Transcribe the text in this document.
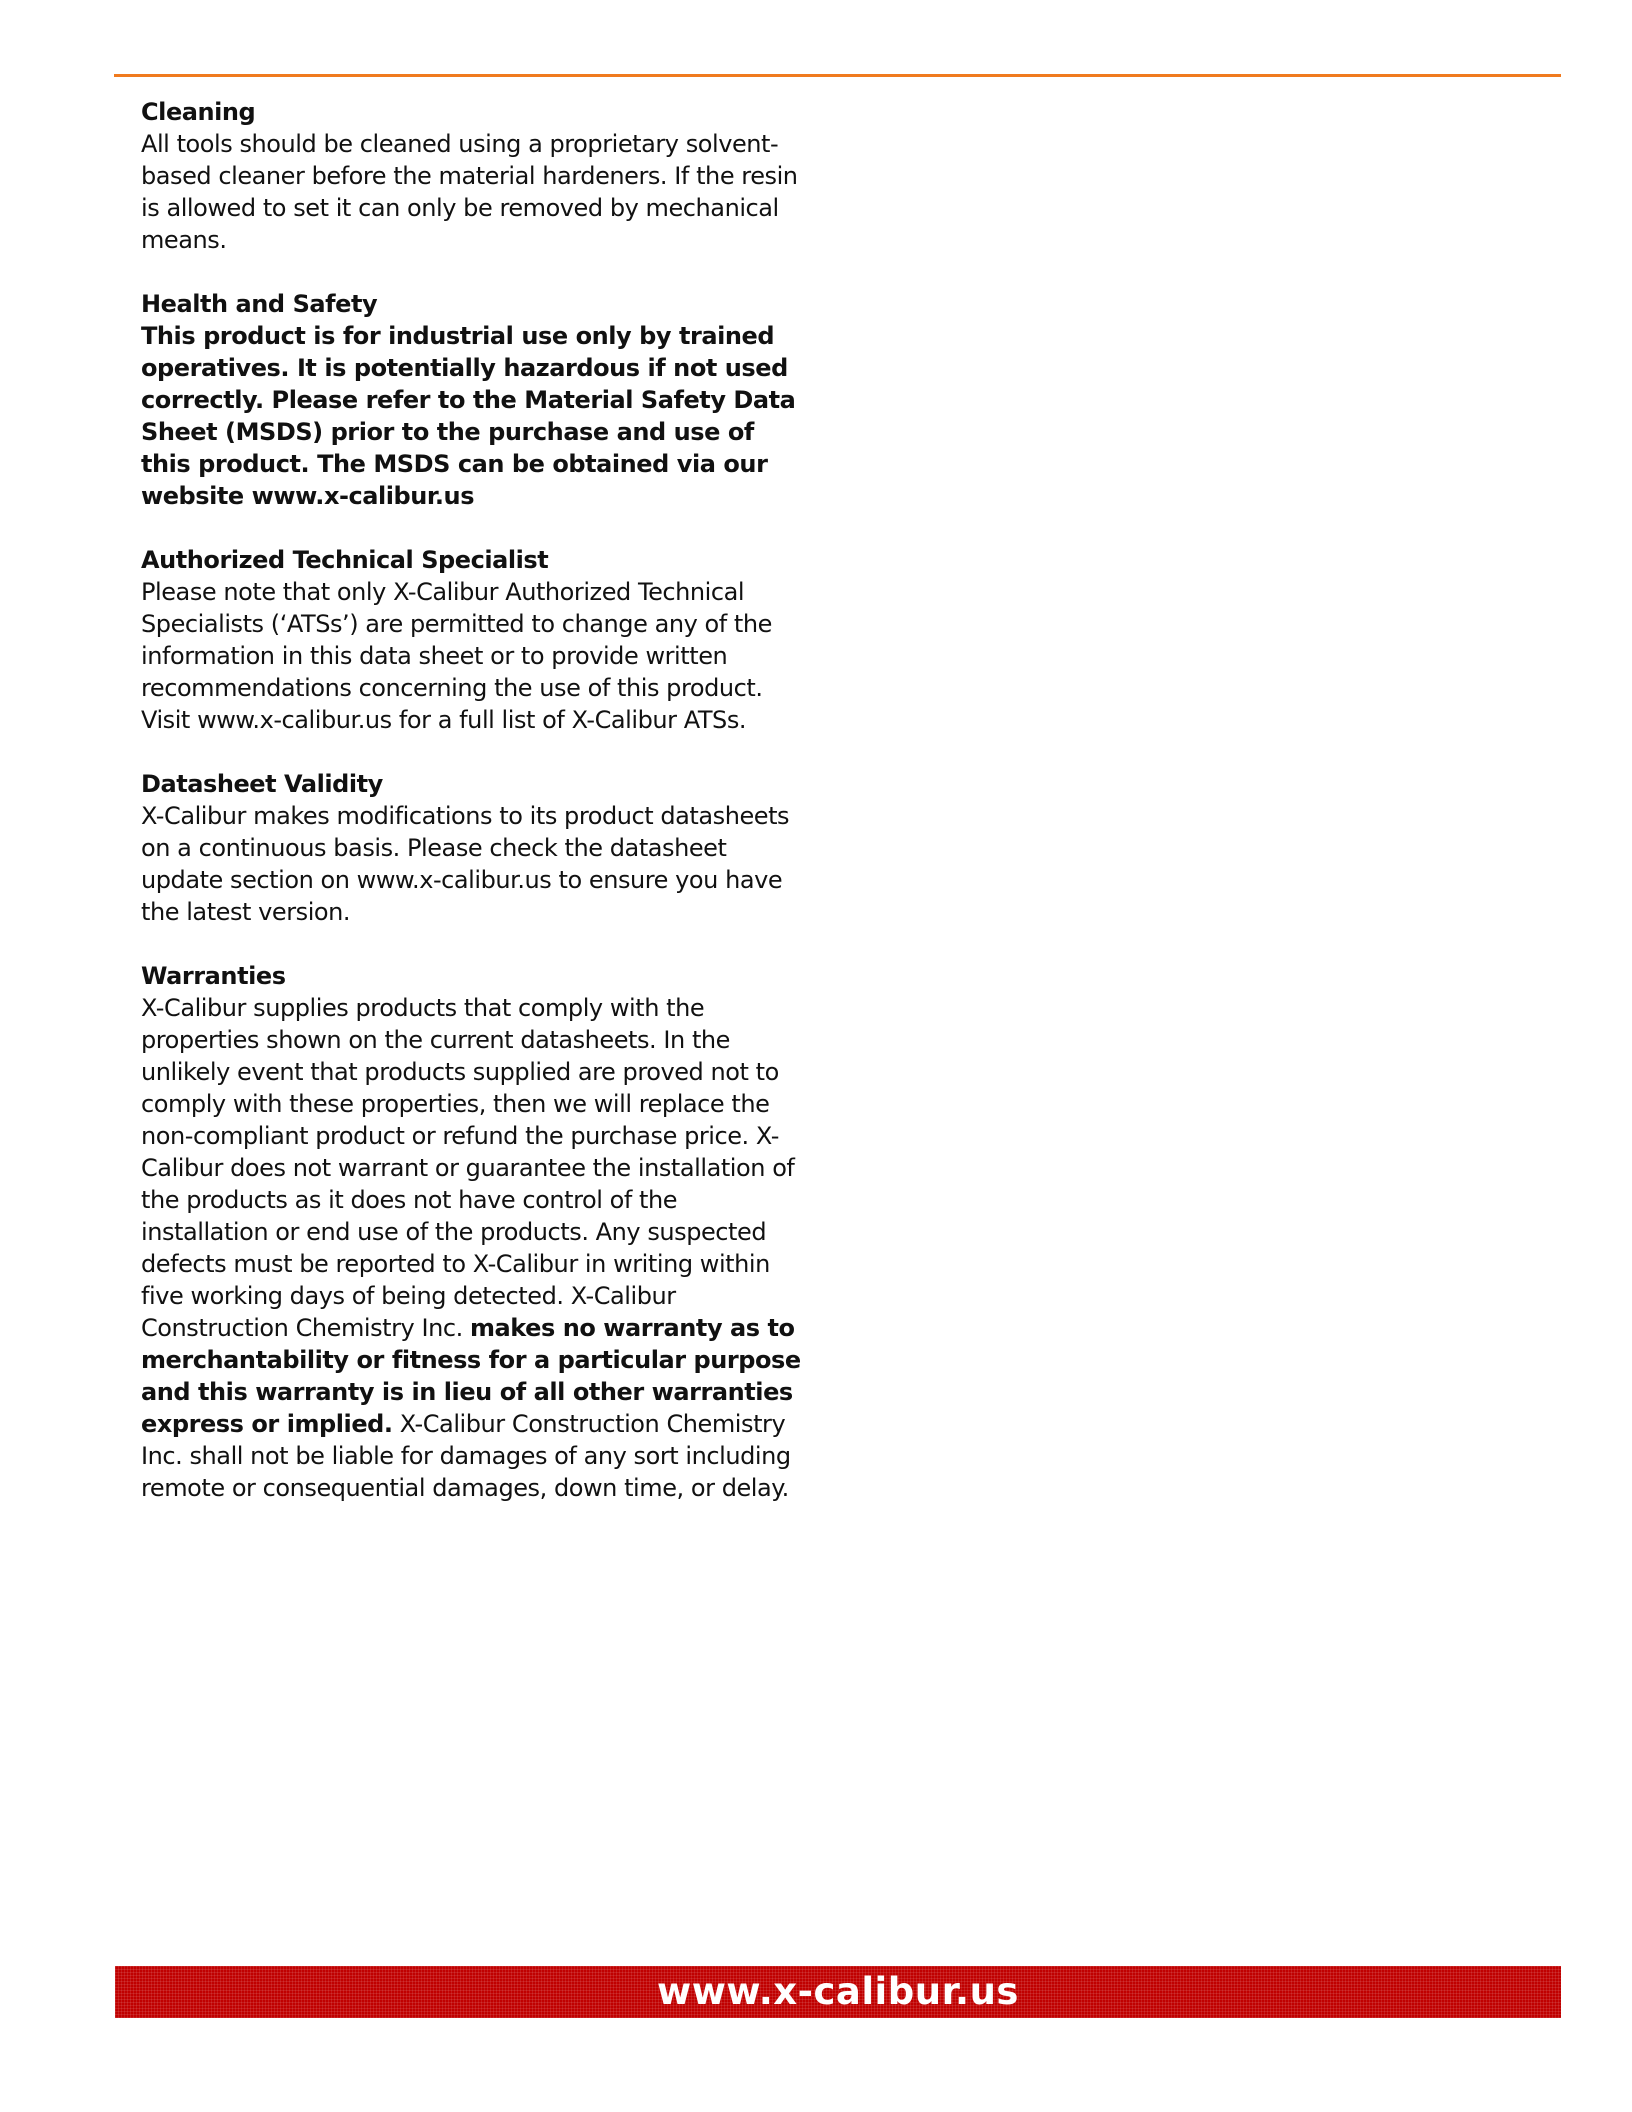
Cleaning
All tools should be cleaned using a proprietary solvent-based cleaner before the material hardeners. If the resin is allowed to set it can only be removed by mechanical means.
Health and Safety
This product is for industrial use only by trained operatives. It is potentially hazardous if not used correctly. Please refer to the Material Safety Data Sheet (MSDS) prior to the purchase and use of this product. The MSDS can be obtained via our website www.x-calibur.us
Authorized Technical Specialist
Please note that only X-Calibur Authorized Technical Specialists (‘ATSs’) are permitted to change any of the information in this data sheet or to provide written recommendations concerning the use of this product. Visit www.x-calibur.us for a full list of X-Calibur ATSs.
Datasheet Validity
X-Calibur makes modifications to its product datasheets on a continuous basis. Please check the datasheet update section on www.x-calibur.us to ensure you have the latest version.
Warranties
X-Calibur supplies products that comply with the properties shown on the current datasheets. In the unlikely event that products supplied are proved not to comply with these properties, then we will replace the non-compliant product or refund the purchase price. X-Calibur does not warrant or guarantee the installation of the products as it does not have control of the installation or end use of the products. Any suspected defects must be reported to X-Calibur in writing within five working days of being detected. X-Calibur Construction Chemistry Inc. makes no warranty as to merchantability or fitness for a particular purpose and this warranty is in lieu of all other warranties express or implied. X-Calibur Construction Chemistry Inc. shall not be liable for damages of any sort including remote or consequential damages, down time, or delay.
www.x-calibur.us
